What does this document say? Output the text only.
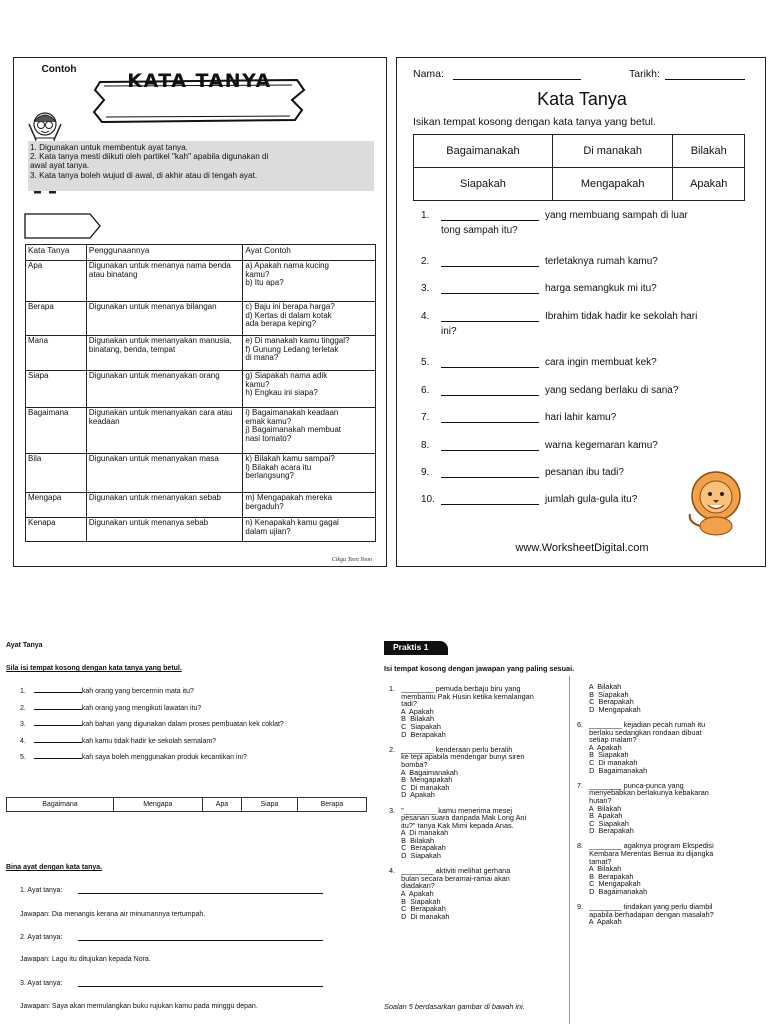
KATA TANYA
1. Digunakan untuk membentuk ayat tanya.
2. Kata tanya mesti diikuti oleh partikel "kah" apabila digunakan di
awal ayat tanya.
3. Kata tanya boleh wujud di awal, di akhir atau di tengah ayat.
Contoh
Kata Tanya	Penggunaannya	Ayat Contoh
Apa	Digunakan untuk menanya nama benda atau binatang	a) Apakah nama kucing
kamu?
b) Itu apa?

Berapa	Digunakan untuk menanya bilangan	c) Baju ini berapa harga?
d) Kertas di dalam kotak
ada berapa keping?

Mana	Digunakan untuk menanyakan manusia, binatang, benda, tempat	e) Di manakah kamu tinggal?
f) Gunung Ledang terletak
di mana?

Siapa	Digunakan untuk menanyakan orang	g) Siapakah nama adik
kamu?
h) Engkau ini siapa?

Bagaimana	Digunakan untuk menanyakan cara atau keadaan	i) Bagaimanakah keadaan
emak kamu?
j) Bagaimanakah membuat
nasi tomato?

Bila	Digunakan untuk menanyakan masa	k) Bilakah kamu sampai?
l) Bilakah acara itu
berlangsung?

Mengapa	Digunakan untuk menanyakan sebab	m) Mengapakah mereka
bergaduh?

Kenapa	Digunakan untuk menanya sebab	n) Kenapakah kamu gagal
dalam ujian?
Cikgu Teen Yoon
Nama:	Tarikh:
Kata Tanya
Isikan tempat kosong dengan kata tanya yang betul.
Bagaimanakah	Di manakah	Bilakah
Siapakah	Mengapakah	Apakah
1.	yang membuang sampah di luar
tong sampah itu?
2.	terletaknya rumah kamu?
3.	harga semangkuk mi itu?
4.	Ibrahim tidak hadir ke sekolah hari
ini?
5.	cara ingin membuat kek?
6.	yang sedang berlaku di sana?
7.	hari lahir kamu?
8.	warna kegemaran kamu?
9.	pesanan ibu tadi?
10.	jumlah gula-gula itu?
www.WorksheetDigital.com
Ayat Tanya
Sila isi tempat kosong dengan kata tanya yang betul.
1.	kah orang yang bercermin mata itu?
2.	kah orang yang mengikuti lawatan itu?
3.	kah bahan yang digunakan dalam proses pembuatan kek coklat?
4.	kah kamu tidak hadir ke sekolah semalam?
5.	kah saya boleh menggunakan produk kecantikan ini?
Bagaimana	Mengapa	Apa	Siapa	Berapa
Bina ayat dengan kata tanya.
1. Ayat tanya:
Jawapan: Dia menangis kerana air minumannya tertumpah.
2. Ayat tanya:
Jawapan: Lagu itu ditujukan kepada Nora.
3. Ayat tanya:
Jawapan: Saya akan memulangkan buku rujukan kamu pada minggu depan.
Praktis 1
Isi tempat kosong dengan jawapan yang paling sesuai.
1.   ________ pemuda berbaju biru yang
membantu Pak Husin ketika kemalangan
tadi?
A  Apakah
B  Bilakah
C  Siapakah
D  Berapakah
2.   ________ kenderaan perlu beralih
ke tepi apabila mendengar bunyi siren
bomba?
A  Bagaimanakah
B  Mengapakah
C  Di manakah
D  Apakah
3.   "________ kamu menerima mesej
pesanan suara daripada Mak Long Ani
itu?" tanya Kak Mimi kepada Anas.
A  Di manakah
B  Bilakah
C  Berapakah
D  Siapakah
4.   ________ aktiviti melihat gerhana
bulan secara beramai-ramai akan
diadakan?
A  Apakah
B  Siapakah
C  Berapakah
D  Di manakah
A  Bilakah
B  Siapakah
C  Berapakah
D  Mengapakah
6.   ________ kejadian pecah rumah itu
berlaku sedangkan rondaan dibuat
setiap malam?
A  Apakah
B  Siapakah
C  Di manakah
D  Bagaimanakah
7.   ________ punca-punca yang
menyebabkan berlakunya kebakaran
hutan?
A  Bilakah
B  Apakah
C  Siapakah
D  Berapakah
8.   ________ agaknya program Ekspedisi
Kembara Merentas Benua itu dijangka
tamat?
A  Bilakah
B  Berapakah
C  Mengapakah
D  Bagaimanakah
9.   ________ tindakan yang perlu diambil
apabila berhadapan dengan masalah?
A  Apakah
Soalan 5 berdasarkan gambar di bawah ini.
